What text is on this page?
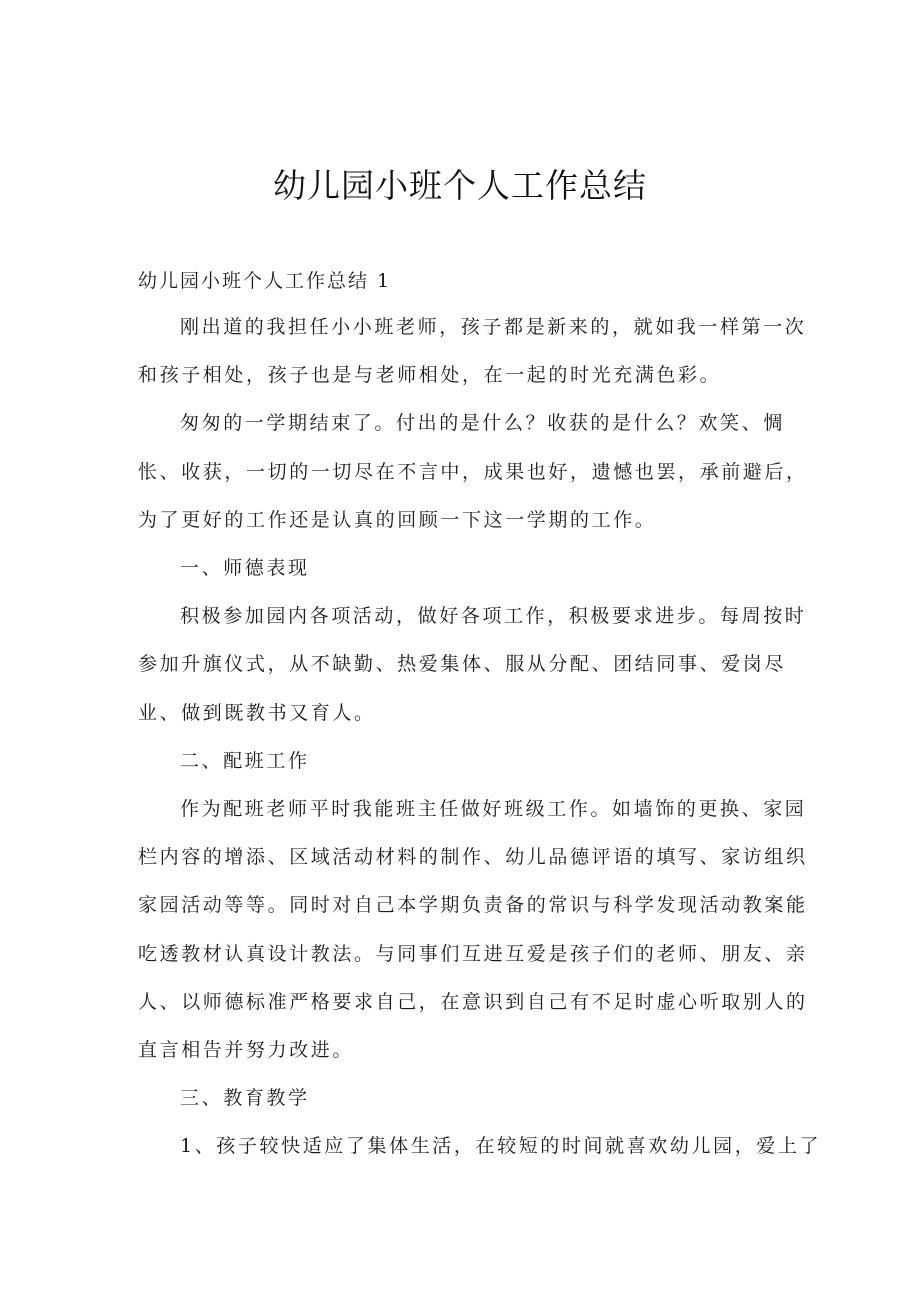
幼儿园小班个人工作总结
幼儿园小班个人工作总结 1
刚出道的我担任小小班老师，孩子都是新来的，就如我一样第一次
和孩子相处，孩子也是与老师相处，在一起的时光充满色彩。
匆匆的一学期结束了。付出的是什么？收获的是什么？欢笑、惆
怅、收获，一切的一切尽在不言中，成果也好，遗憾也罢，承前避后，
为了更好的工作还是认真的回顾一下这一学期的工作。
一、师德表现
积极参加园内各项活动，做好各项工作，积极要求进步。每周按时
参加升旗仪式，从不缺勤、热爱集体、服从分配、团结同事、爱岗尽
业、做到既教书又育人。
二、配班工作
作为配班老师平时我能班主任做好班级工作。如墙饰的更换、家园
栏内容的增添、区域活动材料的制作、幼儿品德评语的填写、家访组织
家园活动等等。同时对自己本学期负责备的常识与科学发现活动教案能
吃透教材认真设计教法。与同事们互进互爱是孩子们的老师、朋友、亲
人、以师德标准严格要求自己，在意识到自己有不足时虚心听取别人的
直言相告并努力改进。
三、教育教学
1、孩子较快适应了集体生活，在较短的时间就喜欢幼儿园，爱上了
